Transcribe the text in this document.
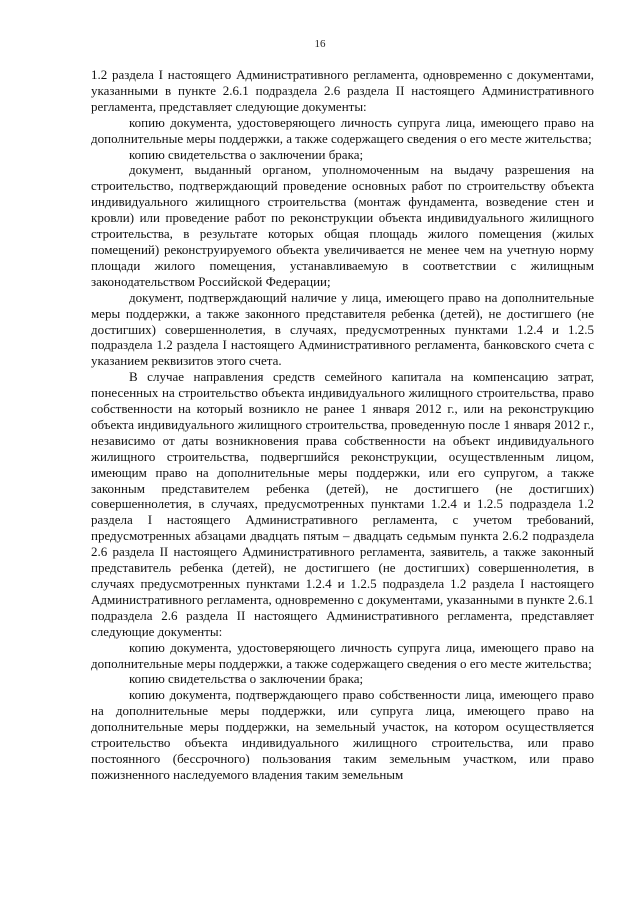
16

1.2 раздела I настоящего Административного регламента, одновременно с документами, указанными в пункте 2.6.1 подраздела 2.6 раздела II настоящего Административного регламента, представляет следующие документы:

копию документа, удостоверяющего личность супруга лица, имеющего право на дополнительные меры поддержки, а также содержащего сведения о его месте жительства;

копию свидетельства о заключении брака;

документ, выданный органом, уполномоченным на выдачу разрешения на строительство, подтверждающий проведение основных работ по строительству объекта индивидуального жилищного строительства (монтаж фундамента, возведение стен и кровли) или проведение работ по реконструкции объекта индивидуального жилищного строительства, в результате которых общая площадь жилого помещения (жилых помещений) реконструируемого объекта увеличивается не менее чем на учетную норму площади жилого помещения, устанавливаемую в соответствии с жилищным законодательством Российской Федерации;

документ, подтверждающий наличие у лица, имеющего право на дополнительные меры поддержки, а также законного представителя ребенка (детей), не достигшего (не достигших) совершеннолетия, в случаях, предусмотренных пунктами 1.2.4 и 1.2.5 подраздела 1.2 раздела I настоящего Административного регламента, банковского счета с указанием реквизитов этого счета.

В случае направления средств семейного капитала на компенсацию затрат, понесенных на строительство объекта индивидуального жилищного строительства, право собственности на который возникло не ранее 1 января 2012 г., или на реконструкцию объекта индивидуального жилищного строительства, проведенную после 1 января 2012 г., независимо от даты возникновения права собственности на объект индивидуального жилищного строительства, подвергшийся реконструкции, осуществленным лицом, имеющим право на дополнительные меры поддержки, или его супругом, а также законным представителем ребенка (детей), не достигшего (не достигших) совершеннолетия, в случаях, предусмотренных пунктами 1.2.4 и 1.2.5 подраздела 1.2 раздела I настоящего Административного регламента, с учетом требований, предусмотренных абзацами двадцать пятым – двадцать седьмым пункта 2.6.2 подраздела 2.6 раздела II настоящего Административного регламента, заявитель, а также законный представитель ребенка (детей), не достигшего (не достигших) совершеннолетия, в случаях предусмотренных пунктами 1.2.4 и 1.2.5 подраздела 1.2 раздела I настоящего Административного регламента, одновременно с документами, указанными в пункте 2.6.1 подраздела 2.6 раздела II настоящего Административного регламента, представляет следующие документы:

копию документа, удостоверяющего личность супруга лица, имеющего право на дополнительные меры поддержки, а также содержащего сведения о его месте жительства;

копию свидетельства о заключении брака;

копию документа, подтверждающего право собственности лица, имеющего право на дополнительные меры поддержки, или супруга лица, имеющего право на дополнительные меры поддержки, на земельный участок, на котором осуществляется строительство объекта индивидуального жилищного строительства, или право постоянного (бессрочного) пользования таким земельным участком, или право пожизненного наследуемого владения таким земельным
